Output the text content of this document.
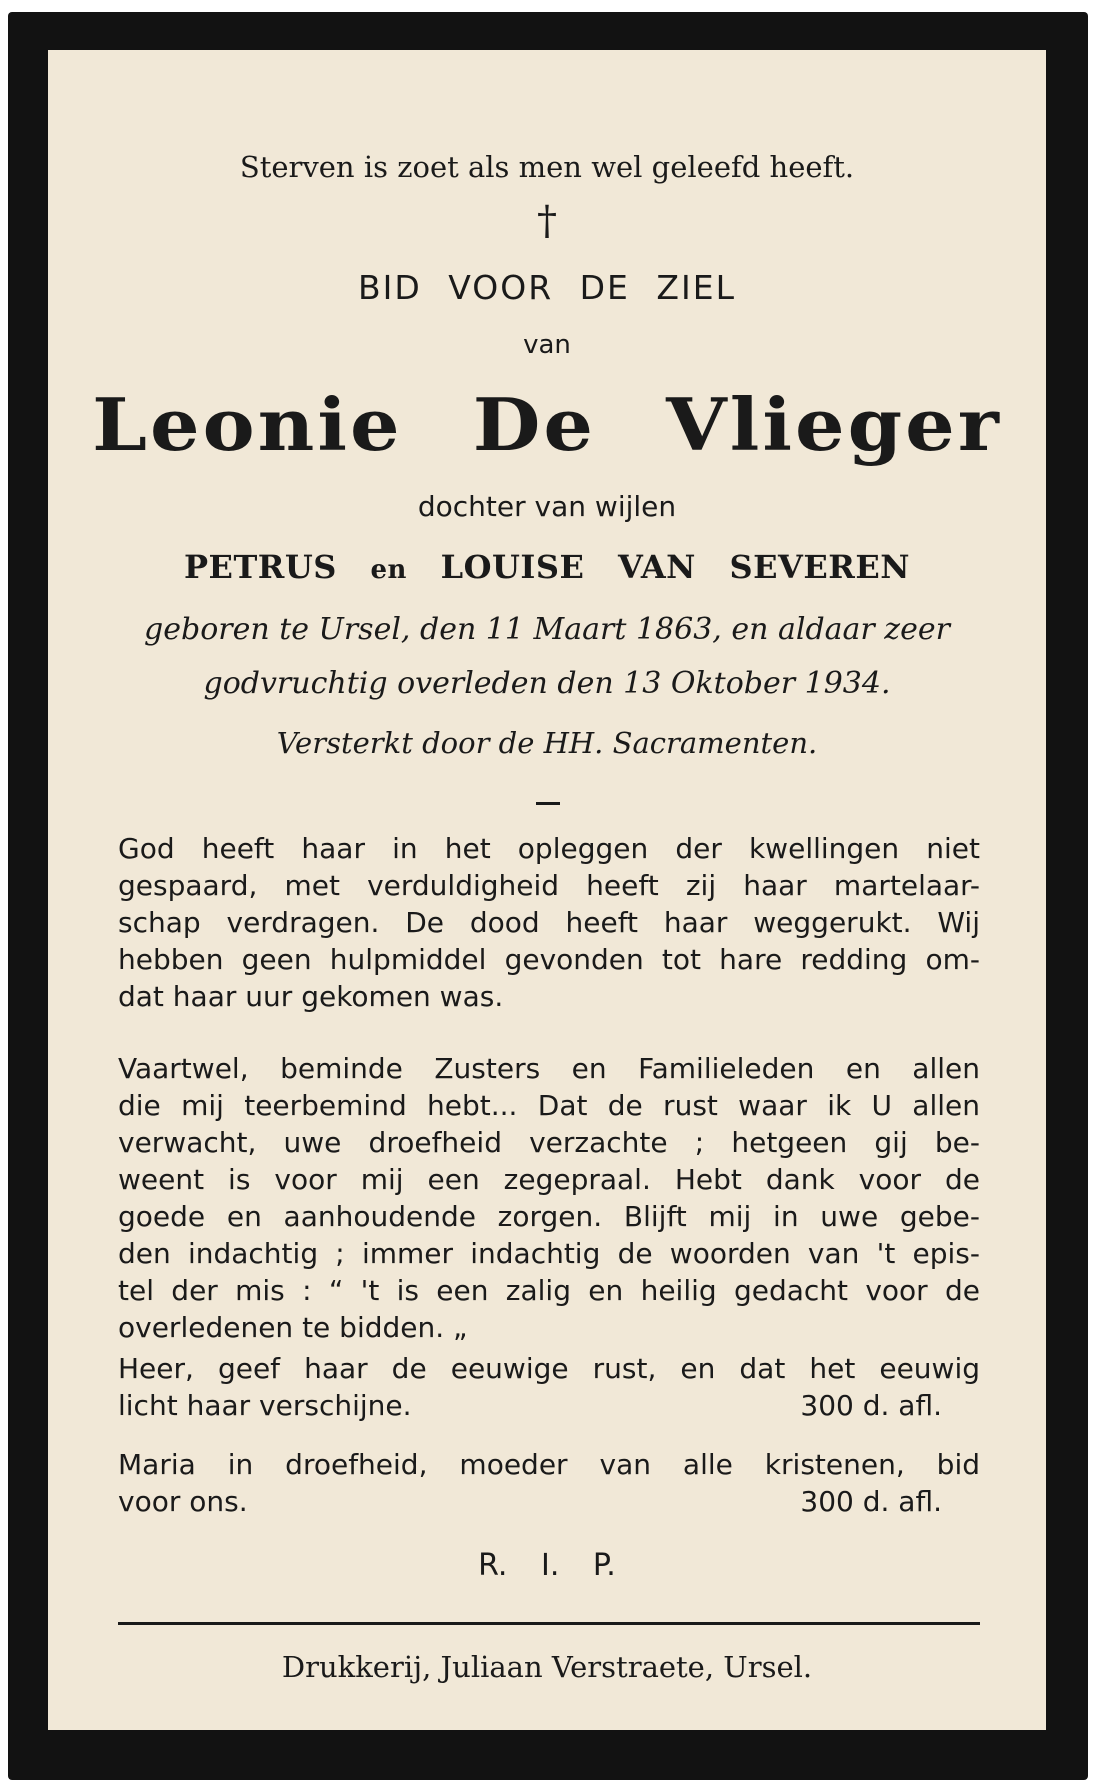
Sterven is zoet als men wel geleefd heeft.
†
BID VOOR DE ZIEL
van
Leonie De Vlieger
dochter van wijlen
PETRUS en LOUISE VAN SEVEREN
geboren te Ursel, den 11 Maart 1863, en aldaar zeer
godvruchtig overleden den 13 Oktober 1934.
Versterkt door de HH. Sacramenten.
God heeft haar in het opleggen der kwellingen niet
gespaard, met verduldigheid heeft zij haar martelaar-
schap verdragen. De dood heeft haar weggerukt. Wij
hebben geen hulpmiddel gevonden tot hare redding om-
dat haar uur gekomen was.
Vaartwel, beminde Zusters en Familieleden en allen
die mij teerbemind hebt... Dat de rust waar ik U allen
verwacht, uwe droefheid verzachte ; hetgeen gij be-
weent is voor mij een zegepraal. Hebt dank voor de
goede en aanhoudende zorgen. Blijft mij in uwe gebe-
den indachtig ; immer indachtig de woorden van 't epis-
tel der mis : “ 't is een zalig en heilig gedacht voor de
overledenen te bidden. „
Heer, geef haar de eeuwige rust, en dat het eeuwig
licht haar verschijne.	300 d. afl.
Maria in droefheid, moeder van alle kristenen, bid
voor ons.	300 d. afl.
R. I. P.
Drukkerij, Juliaan Verstraete, Ursel.
